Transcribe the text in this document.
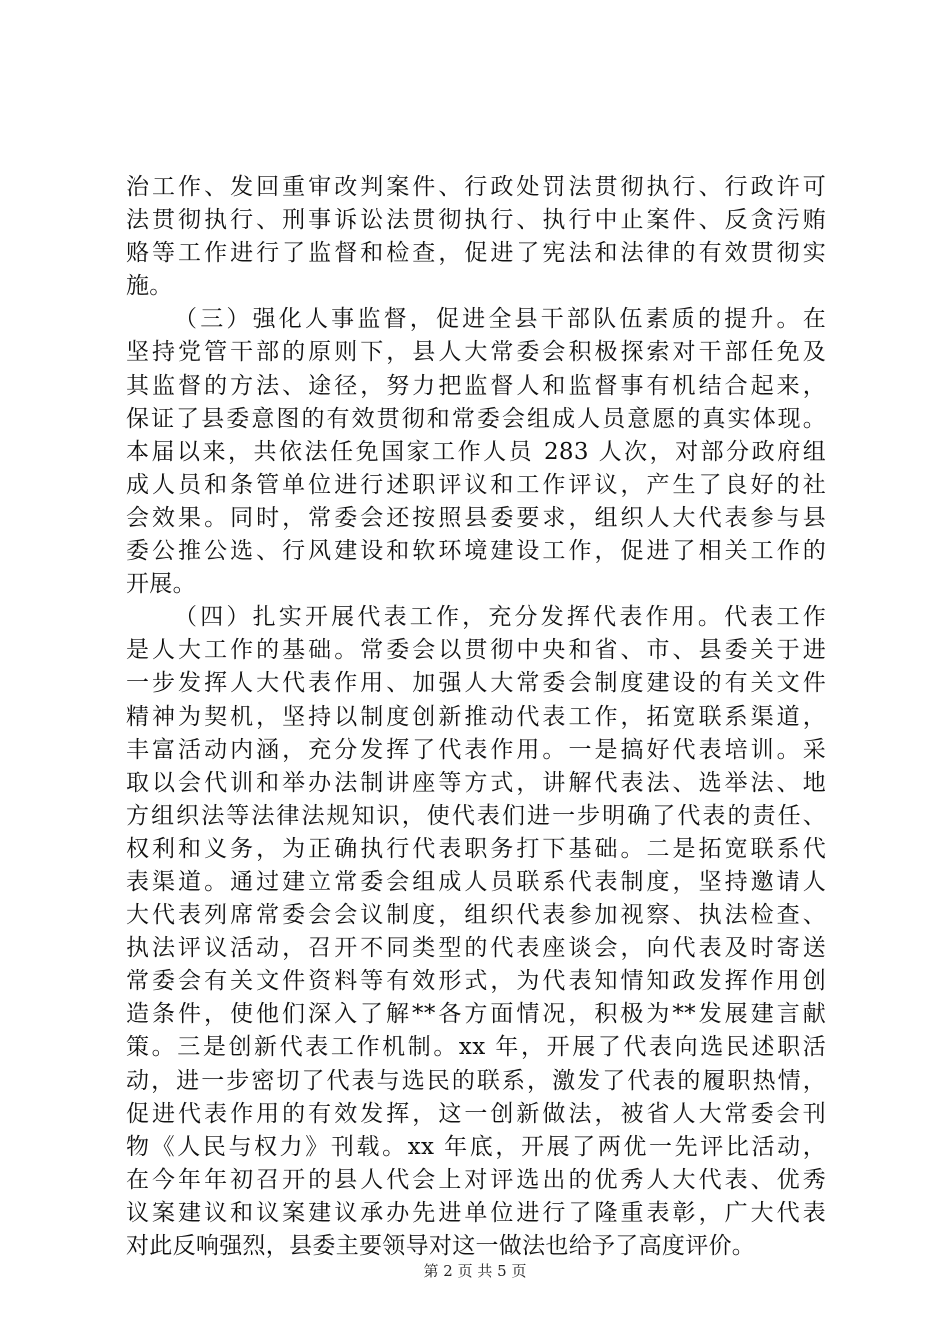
治工作、发回重审改判案件、行政处罚法贯彻执行、行政许可
法贯彻执行、刑事诉讼法贯彻执行、执行中止案件、反贪污贿
赂等工作进行了监督和检查，促进了宪法和法律的有效贯彻实
施。
（三）强化人事监督，促进全县干部队伍素质的提升。在
坚持党管干部的原则下，县人大常委会积极探索对干部任免及
其监督的方法、途径，努力把监督人和监督事有机结合起来，
保证了县委意图的有效贯彻和常委会组成人员意愿的真实体现。
本届以来，共依法任免国家工作人员 283 人次，对部分政府组
成人员和条管单位进行述职评议和工作评议，产生了良好的社
会效果。同时，常委会还按照县委要求，组织人大代表参与县
委公推公选、行风建设和软环境建设工作，促进了相关工作的
开展。
（四）扎实开展代表工作，充分发挥代表作用。代表工作
是人大工作的基础。常委会以贯彻中央和省、市、县委关于进
一步发挥人大代表作用、加强人大常委会制度建设的有关文件
精神为契机，坚持以制度创新推动代表工作，拓宽联系渠道，
丰富活动内涵，充分发挥了代表作用。一是搞好代表培训。采
取以会代训和举办法制讲座等方式，讲解代表法、选举法、地
方组织法等法律法规知识，使代表们进一步明确了代表的责任、
权利和义务，为正确执行代表职务打下基础。二是拓宽联系代
表渠道。通过建立常委会组成人员联系代表制度，坚持邀请人
大代表列席常委会会议制度，组织代表参加视察、执法检查、
执法评议活动，召开不同类型的代表座谈会，向代表及时寄送
常委会有关文件资料等有效形式，为代表知情知政发挥作用创
造条件，使他们深入了解**各方面情况，积极为**发展建言献
策。三是创新代表工作机制。xx 年，开展了代表向选民述职活
动，进一步密切了代表与选民的联系，激发了代表的履职热情，
促进代表作用的有效发挥，这一创新做法，被省人大常委会刊
物《人民与权力》刊载。xx 年底，开展了两优一先评比活动，
在今年年初召开的县人代会上对评选出的优秀人大代表、优秀
议案建议和议案建议承办先进单位进行了隆重表彰，广大代表
对此反响强烈，县委主要领导对这一做法也给予了高度评价。
第 2 页 共 5 页
